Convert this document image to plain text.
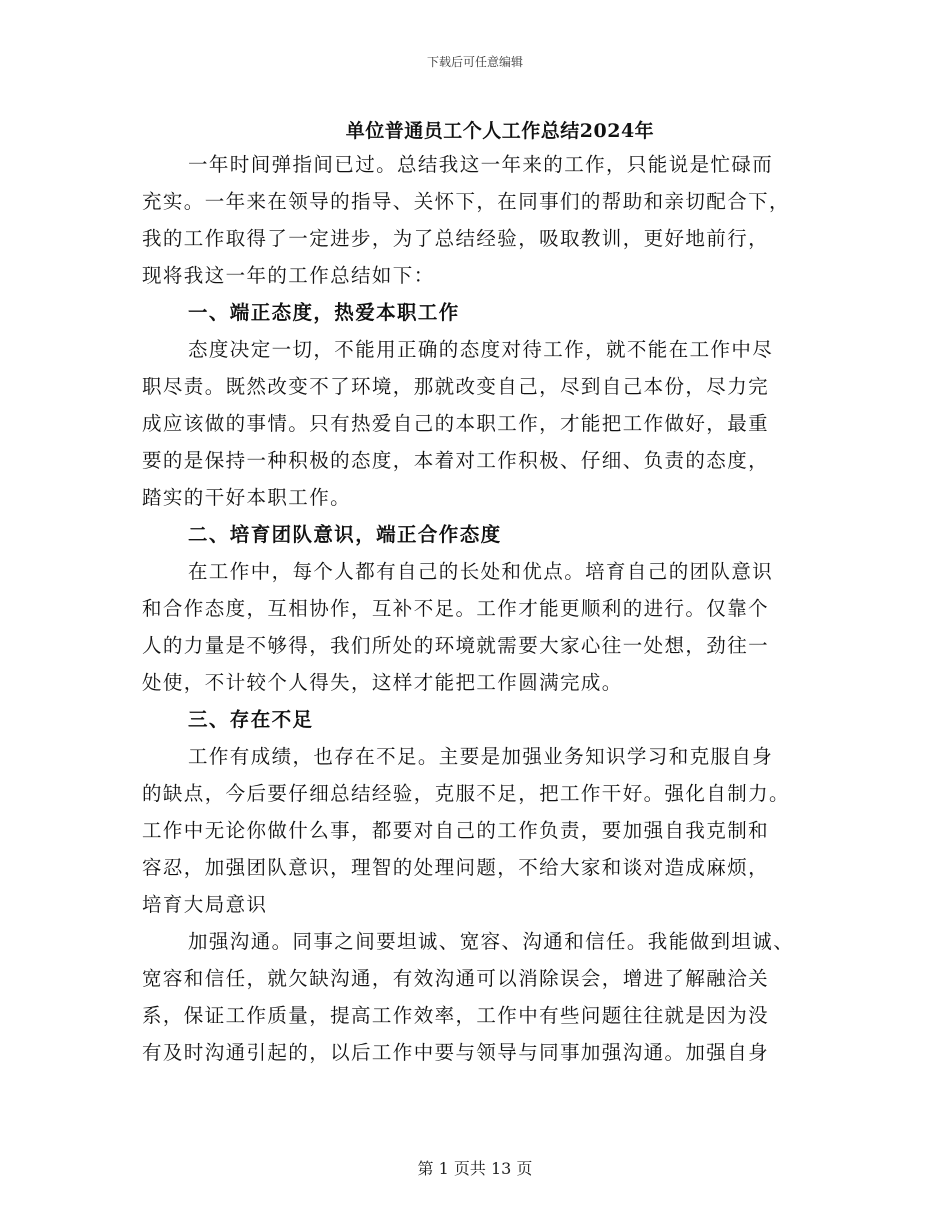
下载后可任意编辑
单位普通员工个人工作总结2024年
一年时间弹指间已过。总结我这一年来的工作，只能说是忙碌而
充实。一年来在领导的指导、关怀下，在同事们的帮助和亲切配合下，
我的工作取得了一定进步，为了总结经验，吸取教训，更好地前行，
现将我这一年的工作总结如下：
一、端正态度，热爱本职工作
态度决定一切，不能用正确的态度对待工作，就不能在工作中尽
职尽责。既然改变不了环境，那就改变自己，尽到自己本份，尽力完
成应该做的事情。只有热爱自己的本职工作，才能把工作做好，最重
要的是保持一种积极的态度，本着对工作积极、仔细、负责的态度，
踏实的干好本职工作。
二、培育团队意识，端正合作态度
在工作中，每个人都有自己的长处和优点。培育自己的团队意识
和合作态度，互相协作，互补不足。工作才能更顺利的进行。仅靠个
人的力量是不够得，我们所处的环境就需要大家心往一处想，劲往一
处使，不计较个人得失，这样才能把工作圆满完成。
三、存在不足
工作有成绩，也存在不足。主要是加强业务知识学习和克服自身
的缺点，今后要仔细总结经验，克服不足，把工作干好。强化自制力。
工作中无论你做什么事，都要对自己的工作负责，要加强自我克制和
容忍，加强团队意识，理智的处理问题，不给大家和谈对造成麻烦，
培育大局意识
加强沟通。同事之间要坦诚、宽容、沟通和信任。我能做到坦诚、
宽容和信任，就欠缺沟通，有效沟通可以消除误会，增进了解融洽关
系，保证工作质量，提高工作效率，工作中有些问题往往就是因为没
有及时沟通引起的，以后工作中要与领导与同事加强沟通。加强自身
第 1 页共 13 页
